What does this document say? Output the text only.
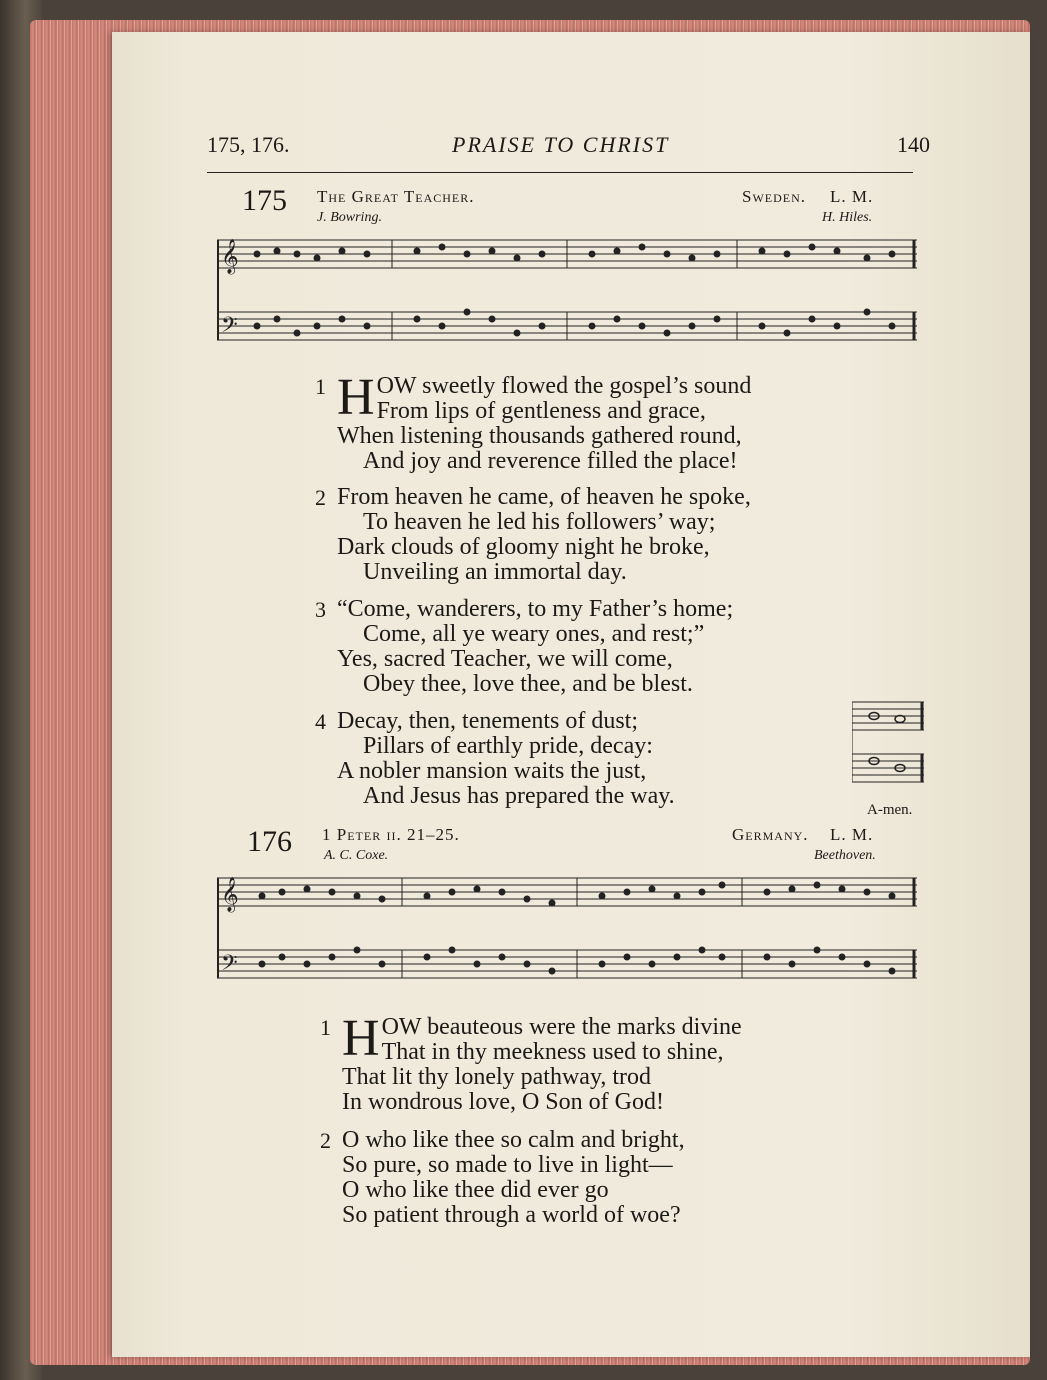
175, 176.	PRAISE TO CHRIST	140
175 The Great Teacher.	Sweden. L. M.
J. Bowring.	H. Hiles.
𝄞
𝄢
1 H OW sweetly flowed the gospel’s sound
From lips of gentleness and grace,
When listening thousands gathered round,
And joy and reverence filled the place!
2 From heaven he came, of heaven he spoke,
To heaven he led his followers’ way;
Dark clouds of gloomy night he broke,
Unveiling an immortal day.
3 “Come, wanderers, to my Father’s home;
Come, all ye weary ones, and rest;”
Yes, sacred Teacher, we will come,
Obey thee, love thee, and be blest.
4 Decay, then, tenements of dust;
Pillars of earthly pride, decay:
A nobler mansion waits the just,
And Jesus has prepared the way.
A-men.
176 1 Peter ii. 21–25.	Germany. L. M.
A. C. Coxe.	Beethoven.
𝄞
𝄢
1 H OW beauteous were the marks divine
That in thy meekness used to shine,
That lit thy lonely pathway, trod
In wondrous love, O Son of God!
2 O who like thee so calm and bright,
So pure, so made to live in light—
O who like thee did ever go
So patient through a world of woe?
